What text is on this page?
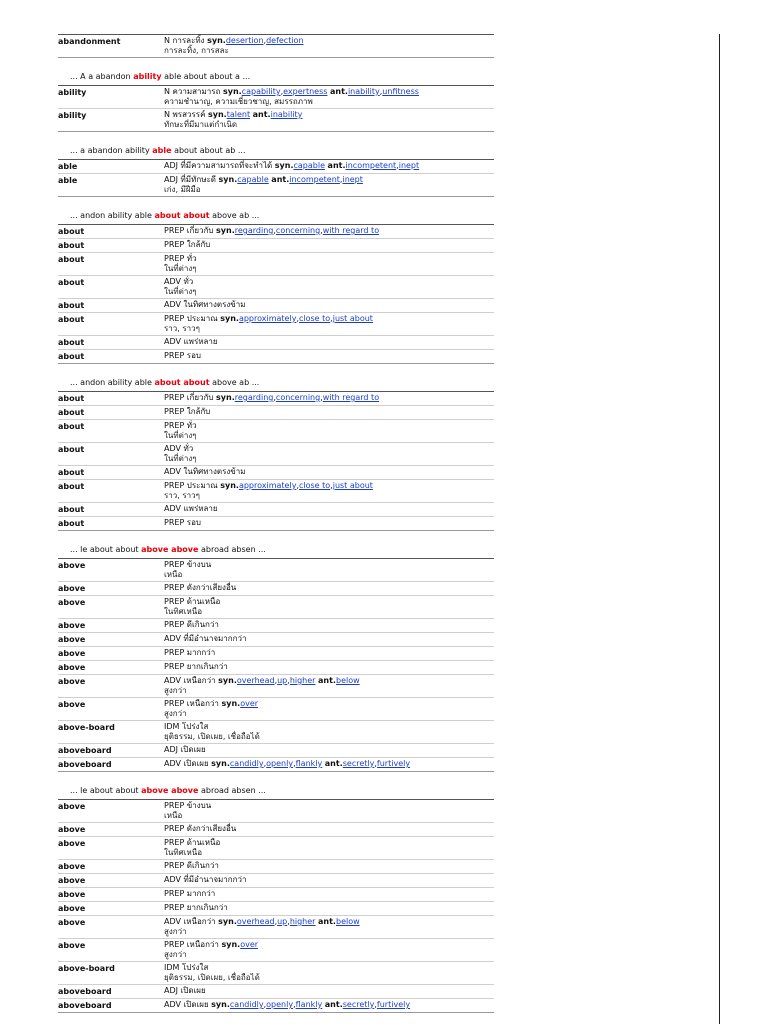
abandonment	N การละทิ้ง syn.desertion,defection
การละทิ้ง, การสละ
... A a abandon ability able about about a ...
ability	N ความสามารถ syn.capability,expertness ant.inability,unfitness
ความชำนาญ, ความเชี่ยวชาญ, สมรรถภาพ
ability	N พรสวรรค์ syn.talent ant.inability
ทักษะที่มีมาแต่กำเนิด
... a abandon ability able about about ab ...
able	ADJ ที่มีความสามารถที่จะทำได้ syn.capable ant.incompetent,inept
able	ADJ ที่มีทักษะดี syn.capable ant.incompetent,inept
เก่ง, มีฝีมือ
... andon ability able about about above ab ...
about	PREP เกี่ยวกับ syn.regarding,concerning,with regard to
about	PREP ใกล้กับ
about	PREP ทั่ว
ในที่ต่างๆ
about	ADV ทั่ว
ในที่ต่างๆ
about	ADV ในทิศทางตรงข้าม
about	PREP ประมาณ syn.approximately,close to,just about
ราว, ราวๆ
about	ADV แพร่หลาย
about	PREP รอบ
... andon ability able about about above ab ...
about	PREP เกี่ยวกับ syn.regarding,concerning,with regard to
about	PREP ใกล้กับ
about	PREP ทั่ว
ในที่ต่างๆ
about	ADV ทั่ว
ในที่ต่างๆ
about	ADV ในทิศทางตรงข้าม
about	PREP ประมาณ syn.approximately,close to,just about
ราว, ราวๆ
about	ADV แพร่หลาย
about	PREP รอบ
... le about about above above abroad absen ...
above	PREP ข้างบน
เหนือ
above	PREP ดังกว่าเสียงอื่น
above	PREP ด้านเหนือ
ในทิศเหนือ
above	PREP ดีเกินกว่า
above	ADV ที่มีอำนาจมากกว่า
above	PREP มากกว่า
above	PREP ยากเกินกว่า
above	ADV เหนือกว่า syn.overhead,up,higher ant.below
สูงกว่า
above	PREP เหนือกว่า syn.over
สูงกว่า
above-board	IDM โปร่งใส
ยุติธรรม, เปิดเผย, เชื่อถือได้
aboveboard	ADJ เปิดเผย
aboveboard	ADV เปิดเผย syn.candidly,openly,flankly ant.secretly,furtively
... le about about above above abroad absen ...
above	PREP ข้างบน
เหนือ
above	PREP ดังกว่าเสียงอื่น
above	PREP ด้านเหนือ
ในทิศเหนือ
above	PREP ดีเกินกว่า
above	ADV ที่มีอำนาจมากกว่า
above	PREP มากกว่า
above	PREP ยากเกินกว่า
above	ADV เหนือกว่า syn.overhead,up,higher ant.below
สูงกว่า
above	PREP เหนือกว่า syn.over
สูงกว่า
above-board	IDM โปร่งใส
ยุติธรรม, เปิดเผย, เชื่อถือได้
aboveboard	ADJ เปิดเผย
aboveboard	ADV เปิดเผย syn.candidly,openly,flankly ant.secretly,furtively
